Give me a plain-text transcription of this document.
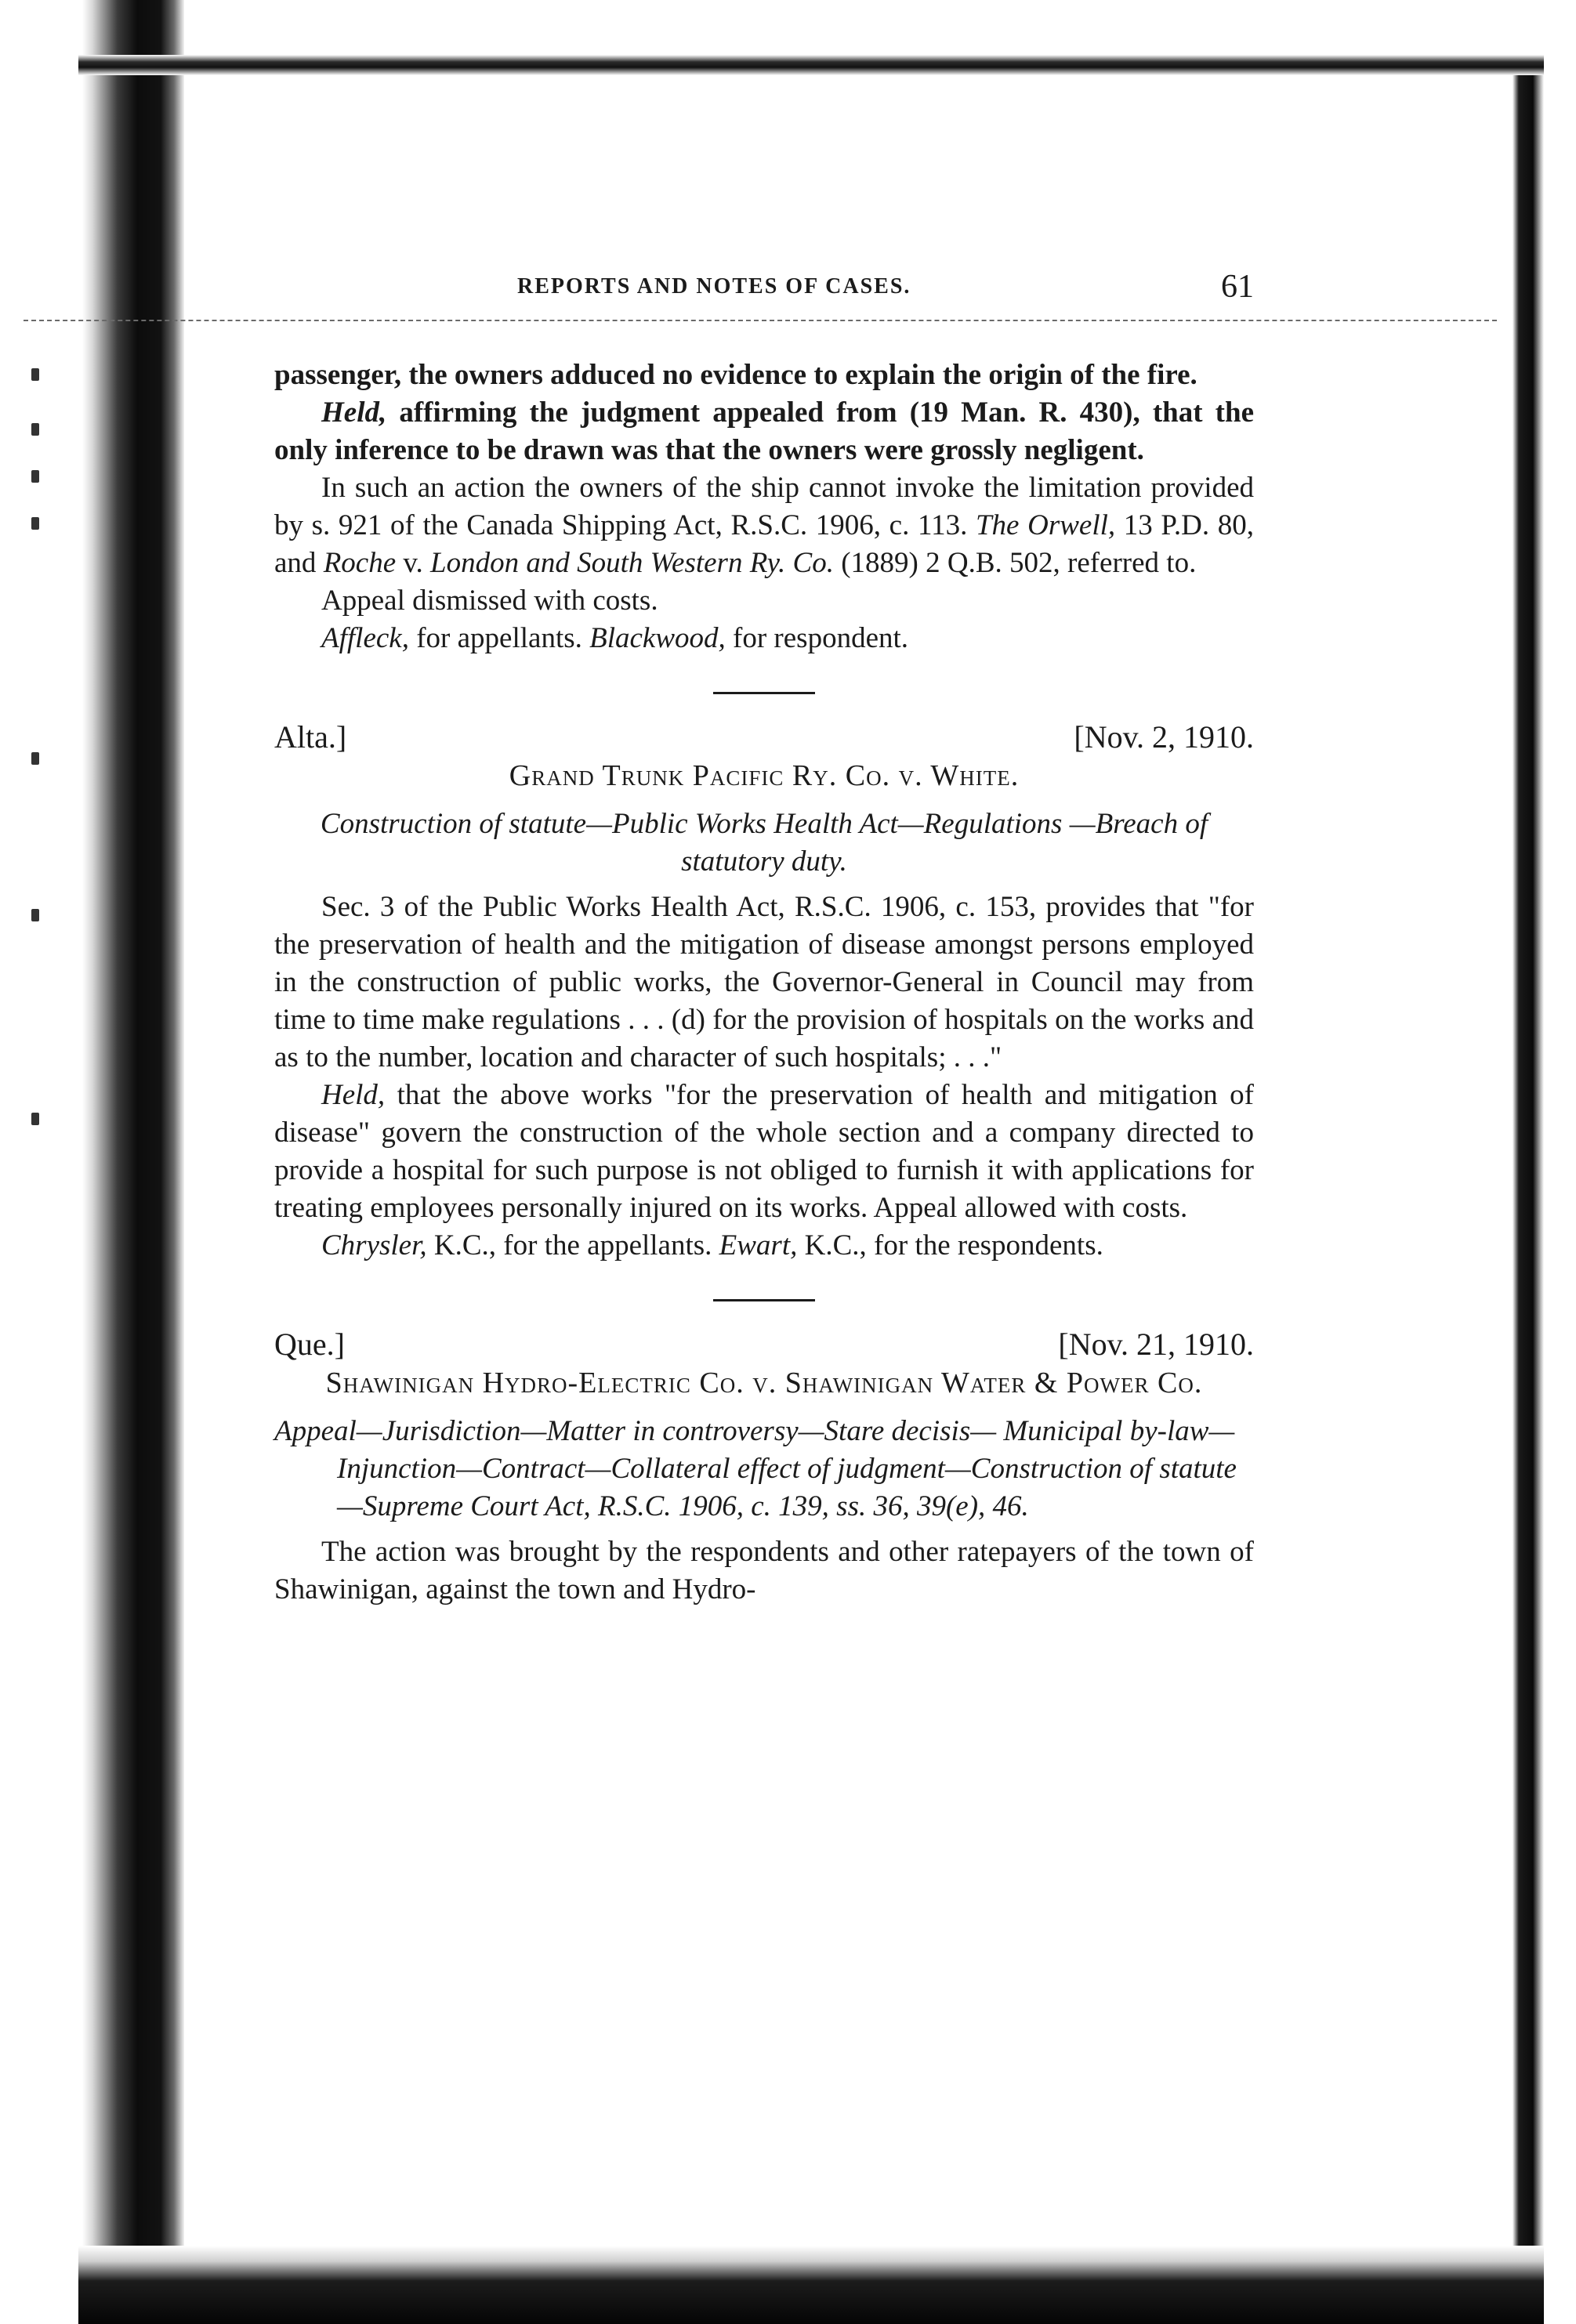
REPORTS AND NOTES OF CASES.	61

passenger, the owners adduced no evidence to explain the origin of the fire.

Held, affirming the judgment appealed from (19 Man. R. 430), that the only inference to be drawn was that the owners were grossly negligent.

In such an action the owners of the ship cannot invoke the limitation provided by s. 921 of the Canada Shipping Act, R.S.C. 1906, c. 113. The Orwell, 13 P.D. 80, and Roche v. London and South Western Ry. Co. (1889) 2 Q.B. 502, referred to.

Appeal dismissed with costs.

Affleck, for appellants. Blackwood, for respondent.

Alta.]	[Nov. 2, 1910.
Grand Trunk Pacific Ry. Co. v. White.

Construction of statute—Public Works Health Act—Regulations —Breach of statutory duty.

Sec. 3 of the Public Works Health Act, R.S.C. 1906, c. 153, provides that "for the preservation of health and the mitigation of disease amongst persons employed in the construction of public works, the Governor-General in Council may from time to time make regulations . . . (d) for the provision of hospitals on the works and as to the number, location and character of such hospitals; . . ."

Held, that the above works "for the preservation of health and mitigation of disease" govern the construction of the whole section and a company directed to provide a hospital for such purpose is not obliged to furnish it with applications for treating employees personally injured on its works. Appeal allowed with costs.

Chrysler, K.C., for the appellants. Ewart, K.C., for the respondents.

Que.]	[Nov. 21, 1910.
Shawinigan Hydro-Electric Co. v. Shawinigan Water & Power Co.

Appeal—Jurisdiction—Matter in controversy—Stare decisis— Municipal by-law—Injunction—Contract—Collateral effect of judgment—Construction of statute—Supreme Court Act, R.S.C. 1906, c. 139, ss. 36, 39(e), 46.

The action was brought by the respondents and other ratepayers of the town of Shawinigan, against the town and Hydro-
